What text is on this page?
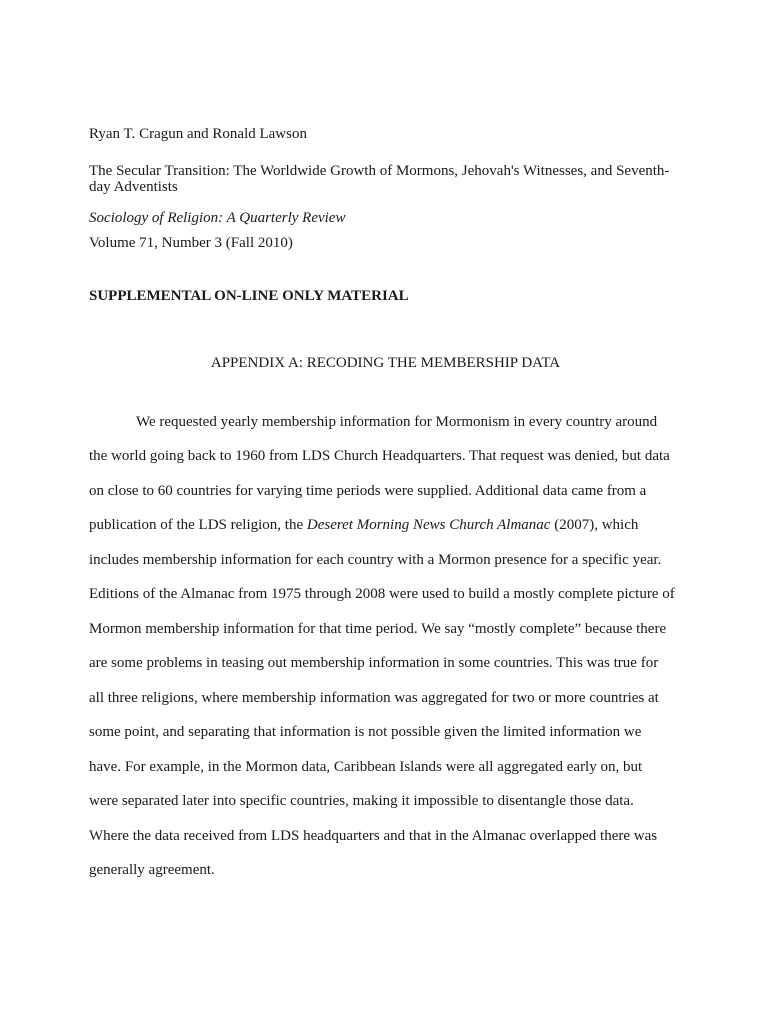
Ryan T. Cragun and Ronald Lawson
The Secular Transition: The Worldwide Growth of Mormons, Jehovah's Witnesses, and Seventh-
day Adventists
Sociology of Religion: A Quarterly Review
Volume 71, Number 3 (Fall 2010)
SUPPLEMENTAL ON-LINE ONLY MATERIAL
APPENDIX A: RECODING THE MEMBERSHIP DATA
We requested yearly membership information for Mormonism in every country around
the world going back to 1960 from LDS Church Headquarters. That request was denied, but data
on close to 60 countries for varying time periods were supplied. Additional data came from a
publication of the LDS religion, the Deseret Morning News Church Almanac (2007), which
includes membership information for each country with a Mormon presence for a specific year.
Editions of the Almanac from 1975 through 2008 were used to build a mostly complete picture of
Mormon membership information for that time period. We say “mostly complete” because there
are some problems in teasing out membership information in some countries. This was true for
all three religions, where membership information was aggregated for two or more countries at
some point, and separating that information is not possible given the limited information we
have. For example, in the Mormon data, Caribbean Islands were all aggregated early on, but
were separated later into specific countries, making it impossible to disentangle those data.
Where the data received from LDS headquarters and that in the Almanac overlapped there was
generally agreement.
